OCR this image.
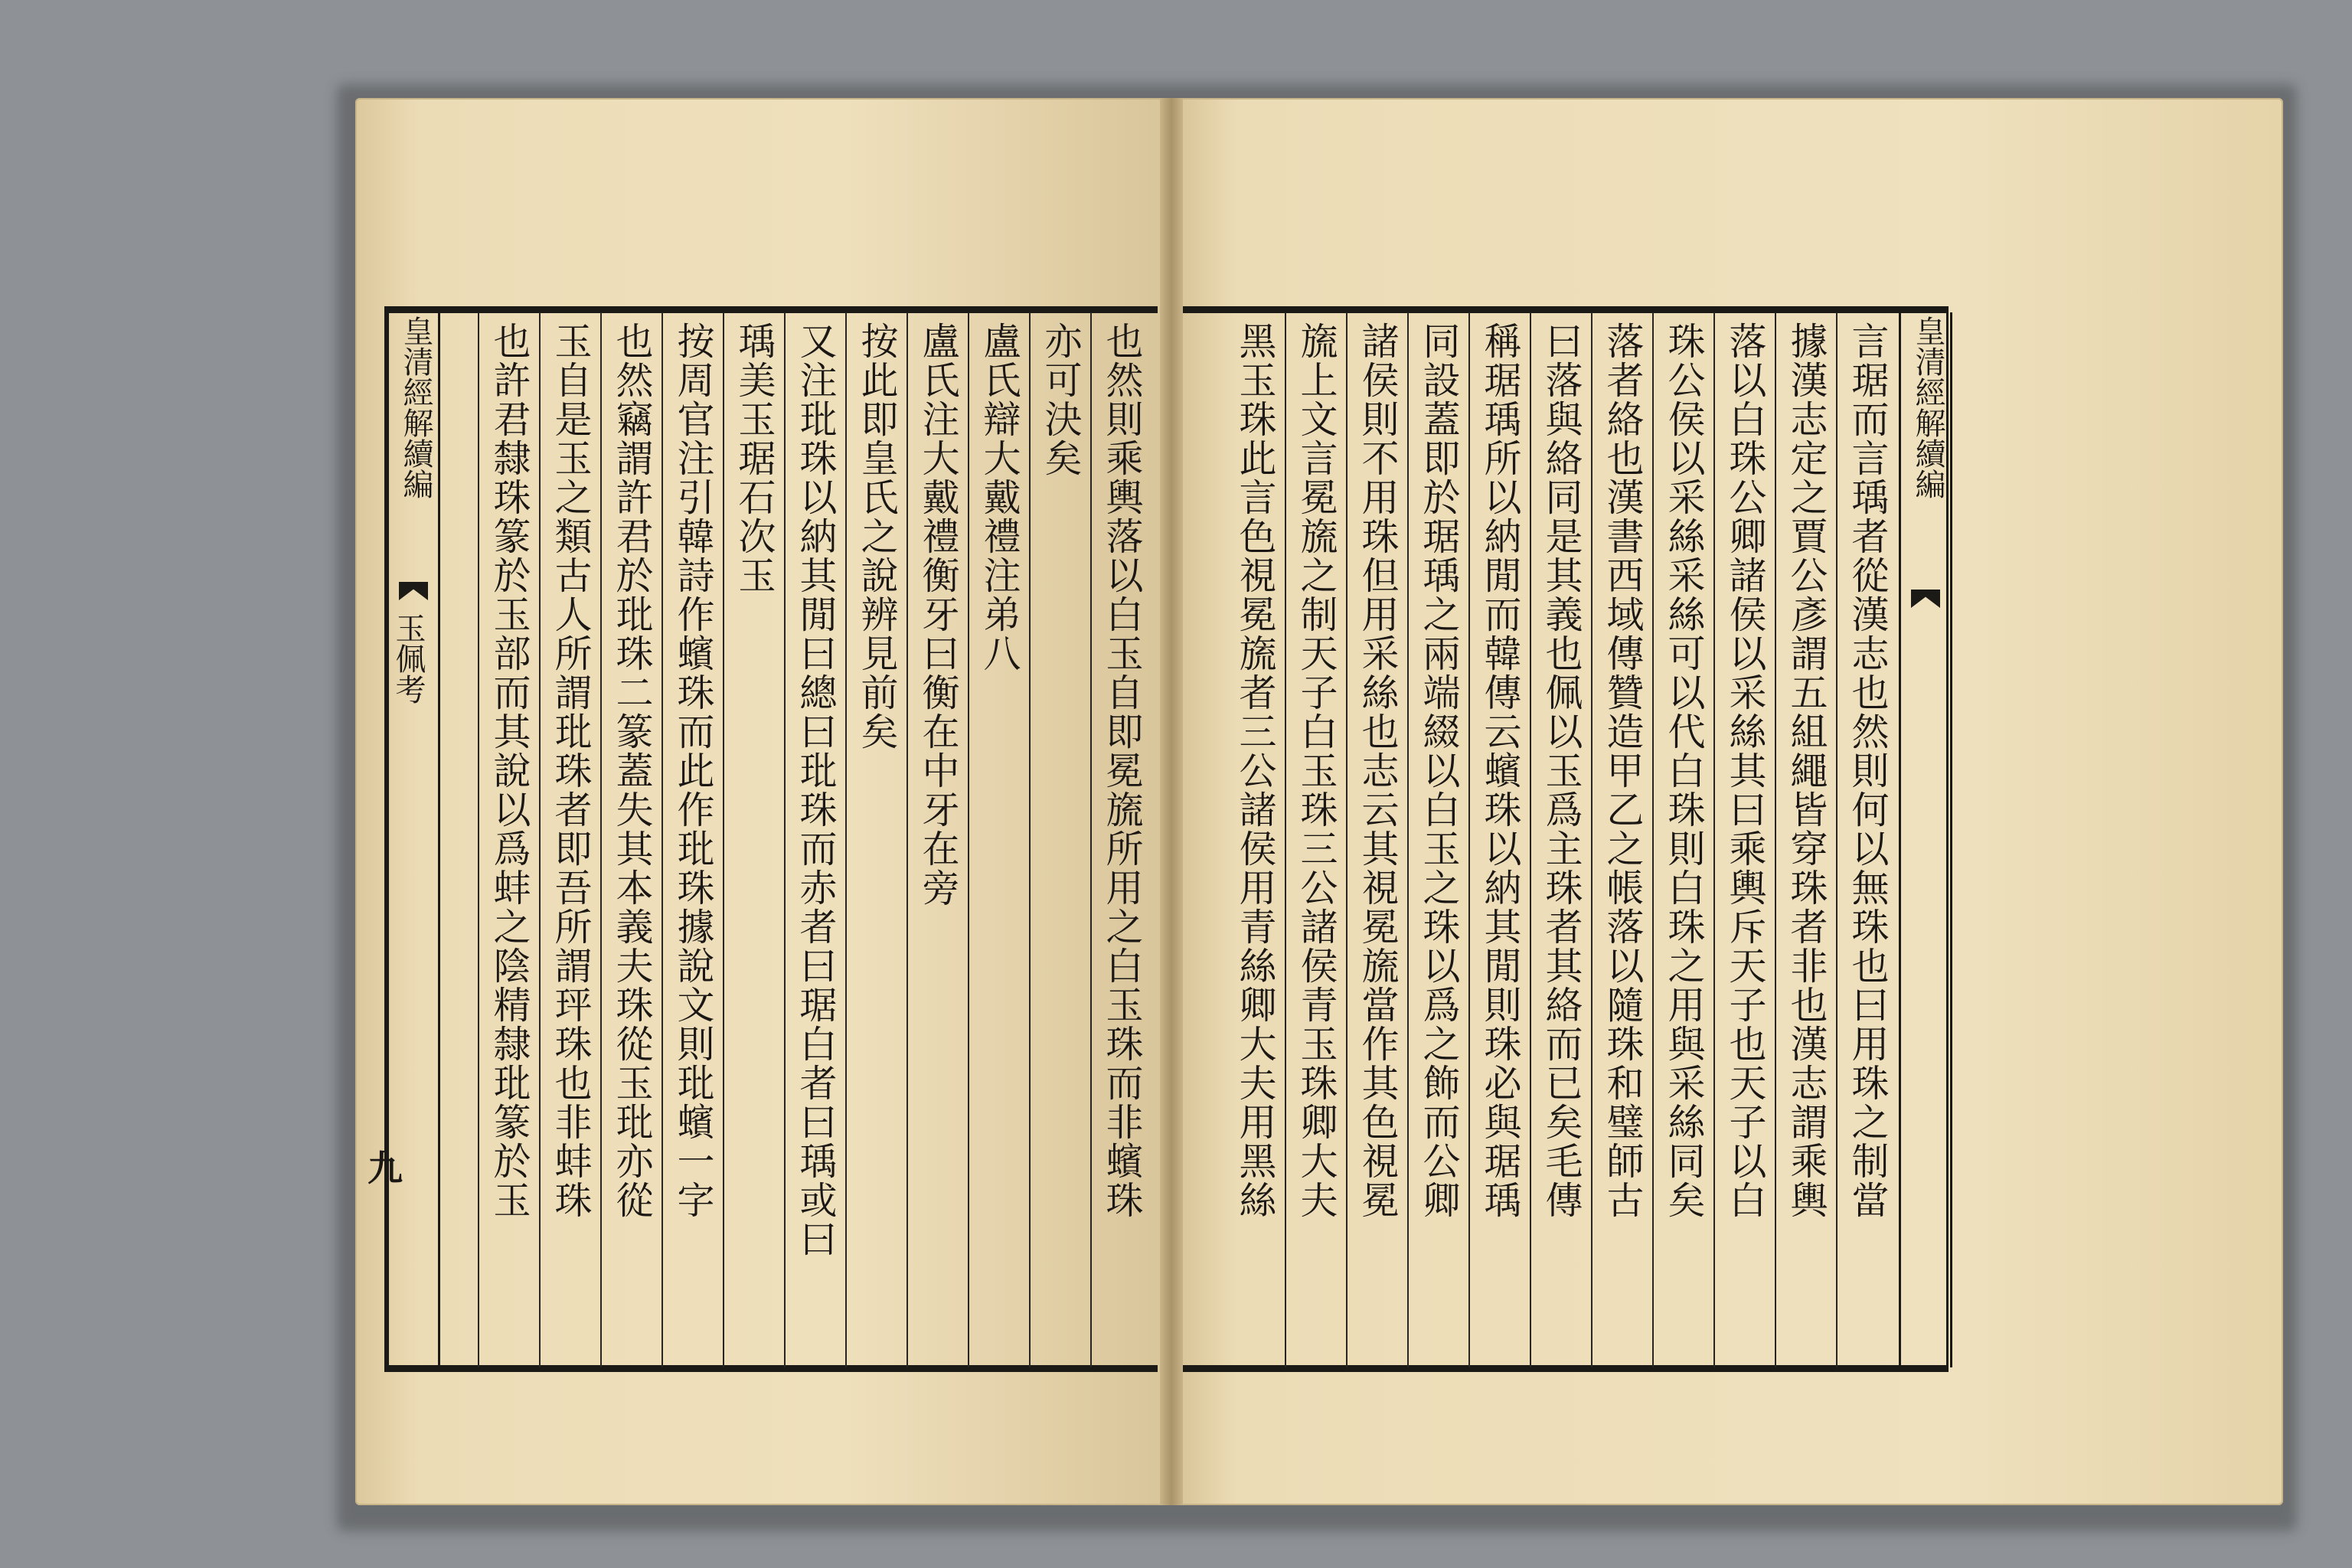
皇清經解續編
玉佩考
九
皇清經解續編
也然則乘輿落以白玉自即冕旒所用之白玉珠而非蠙珠
亦可決矣
盧氏辯大戴禮注弟八
盧氏注大戴禮衡牙曰衡在中牙在旁
按此即皇氏之說辨見前矣
又注玭珠以納其閒曰總曰玭珠而赤者曰琚白者曰瑀或曰
瑀美玉琚石次玉
按周官注引韓詩作蠙珠而此作玭珠據說文則玭蠙一字
也然竊謂許君於玭珠二篆蓋失其本義夫珠從玉玭亦從
玉自是玉之類古人所謂玭珠者即吾所謂玶珠也非蚌珠
也許君隸珠篆於玉部而其說以爲蚌之陰精隸玭篆於玉	言琚而言瑀者從漢志也然則何以無珠也曰用珠之制當
據漢志定之賈公彥謂五組繩皆穿珠者非也漢志謂乘輿
落以白珠公卿諸侯以采絲其曰乘輿斥天子也天子以白
珠公侯以采絲采絲可以代白珠則白珠之用與采絲同矣
落者絡也漢書西域傳贊造甲乙之帳落以隨珠和璧師古
曰落與絡同是其義也佩以玉爲主珠者其絡而已矣毛傳
稱琚瑀所以納閒而韓傳云蠙珠以納其閒則珠必與琚瑀
同設蓋即於琚瑀之兩端綴以白玉之珠以爲之飾而公卿
諸侯則不用珠但用采絲也志云其視冕旒當作其色視冕
旒上文言冕旒之制天子白玉珠三公諸侯青玉珠卿大夫
黑玉珠此言色視冕旒者三公諸侯用青絲卿大夫用黑絲
